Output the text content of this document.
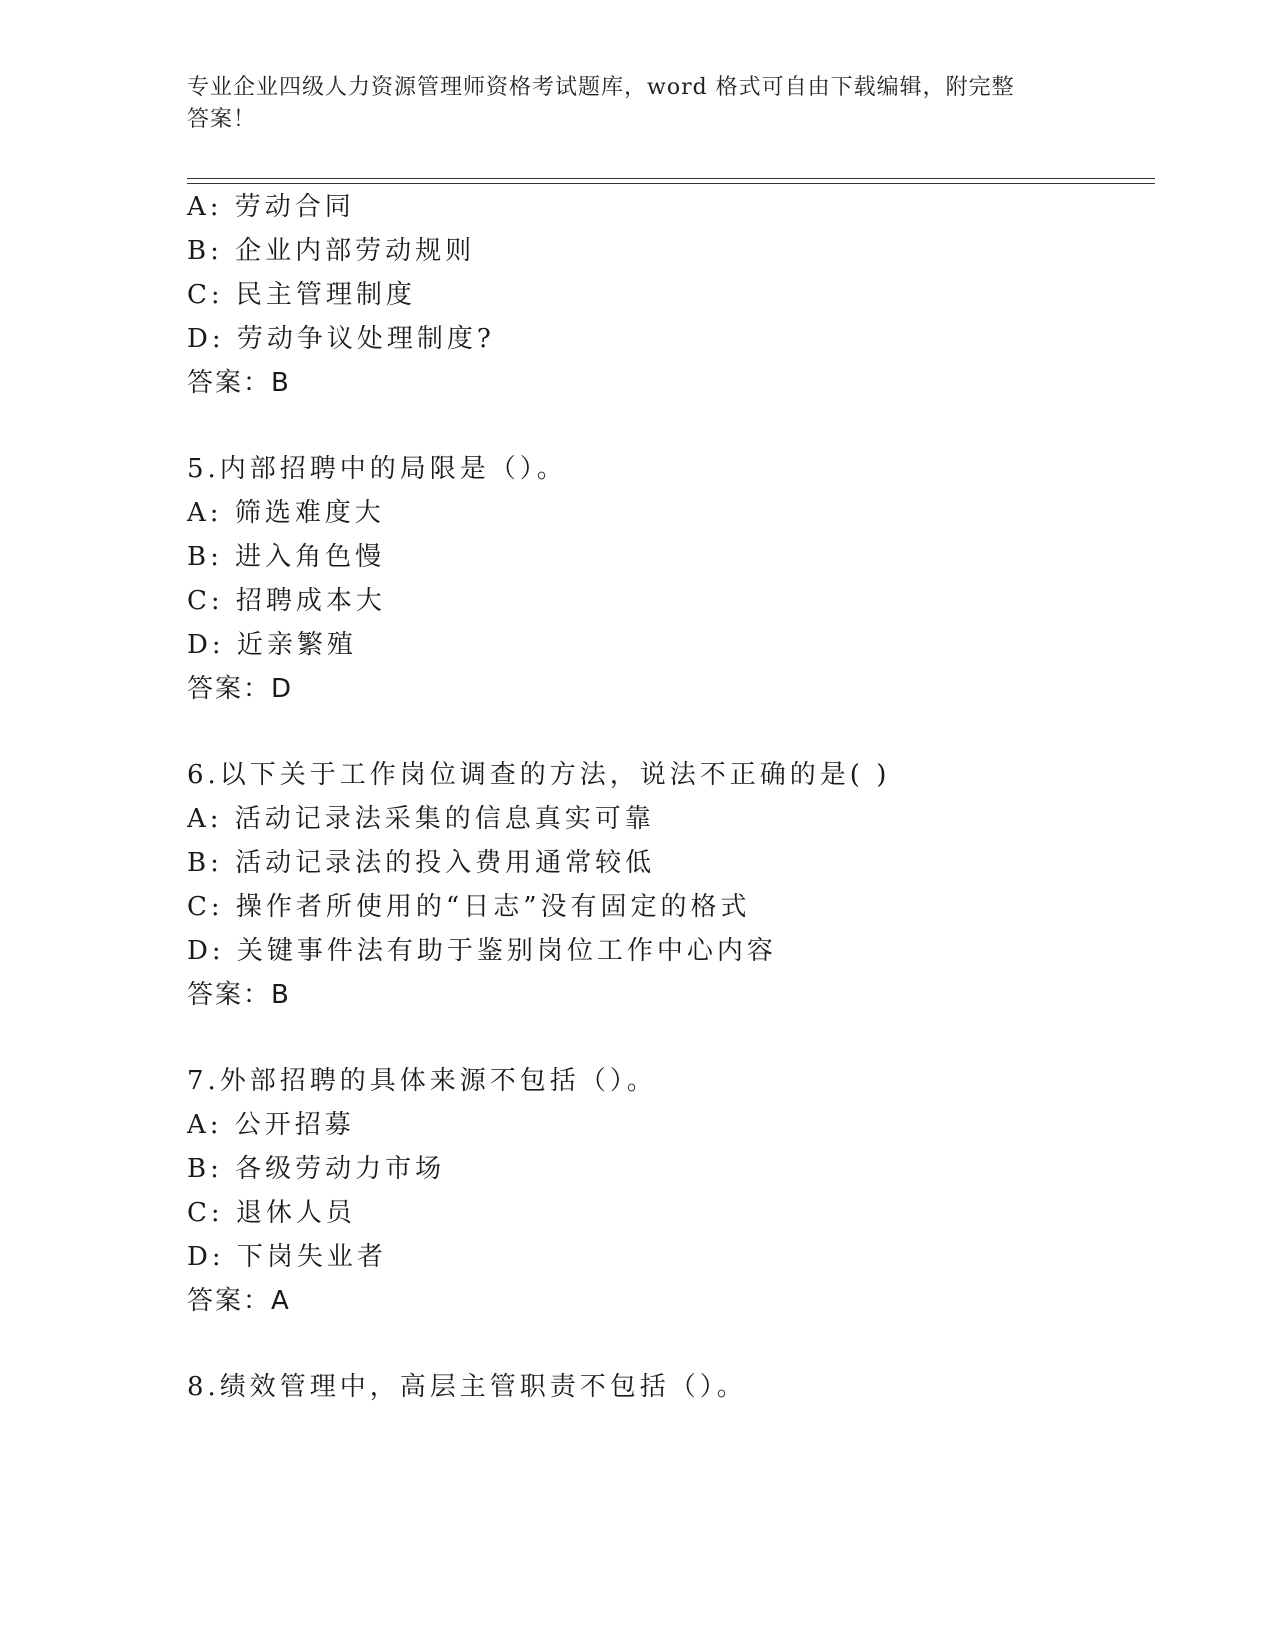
专业企业四级人力资源管理师资格考试题库，word 格式可自由下载编辑，附完整
答案！
A: 劳动合同
B: 企业内部劳动规则
C: 民主管理制度
D: 劳动争议处理制度?
答案：B
5.内部招聘中的局限是（）。
A: 筛选难度大
B: 进入角色慢
C: 招聘成本大
D: 近亲繁殖
答案：D
6.以下关于工作岗位调查的方法，说法不正确的是( )
A: 活动记录法采集的信息真实可靠
B: 活动记录法的投入费用通常较低
C: 操作者所使用的“日志”没有固定的格式
D: 关键事件法有助于鉴别岗位工作中心内容
答案：B
7.外部招聘的具体来源不包括（）。
A: 公开招募
B: 各级劳动力市场
C: 退休人员
D: 下岗失业者
答案：A
8.绩效管理中，高层主管职责不包括（）。
